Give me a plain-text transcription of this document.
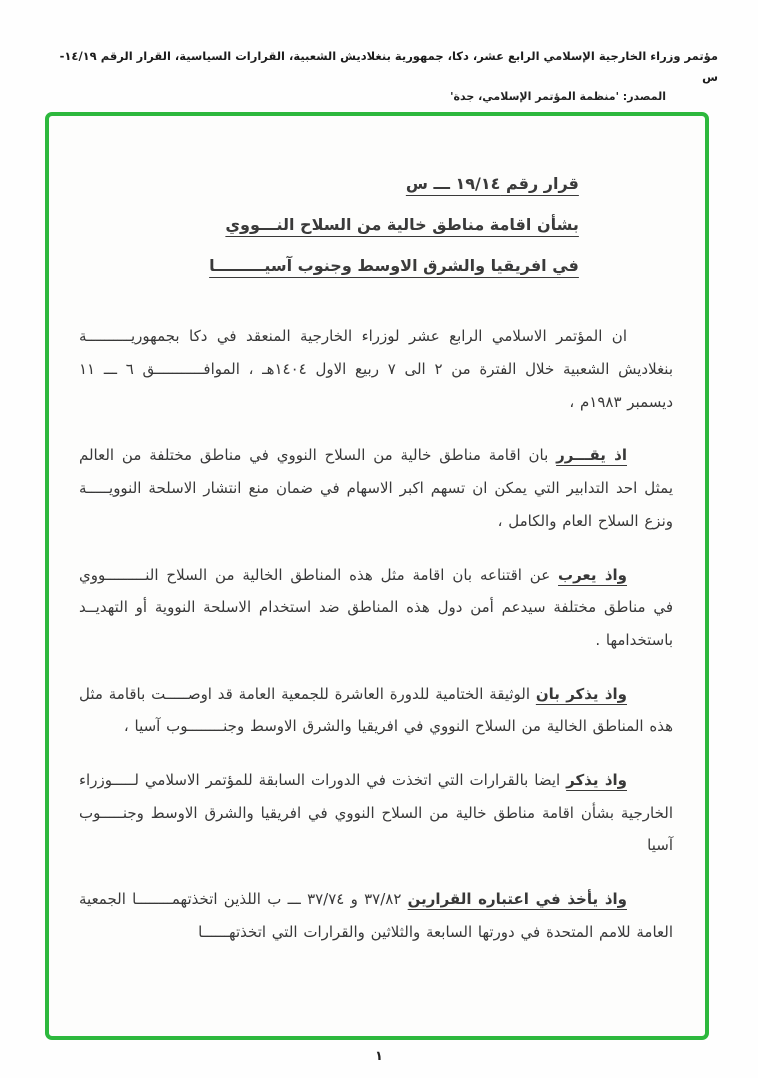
مؤتمر وزراء الخارجية الإسلامي الرابع عشر، دكا، جمهورية بنغلاديش الشعبية، القرارات السياسية، القرار الرقم ١٤/١٩- س
المصدر: 'منظمة المؤتمر الإسلامي، جدة'
قرار رقم ١٩/١٤ ـــ س
بشأن اقامة مناطق خالية من السلاح النـــووي
في افريقيا والشرق الاوسط وجنوب آسيـــــــــا

ان المؤتمر الاسلامي الرابع عشر لوزراء الخارجية المنعقد في دكا بجمهوريــــــــــة بنغلاديش الشعبية خلال الفترة من ٢ الى ٧ ربيع الاول ١٤٠٤هـ ، الموافـــــــــــق ٦ ـــ ١١ ديسمبر ١٩٨٣م ،

اذ يقـــرر بان اقامة مناطق خالية من السلاح النووي في مناطق مختلفة من العالم يمثل احد التدابير التي يمكن ان تسهم اكبر الاسهام في ضمان منع انتشار الاسلحة النوويـــــة ونزع السلاح العام والكامل ،

واذ يعرب عن اقتناعه بان اقامة مثل هذه المناطق الخالية من السلاح النـــــــــووي في مناطق مختلفة سيدعم أمن دول هذه المناطق ضد استخدام الاسلحة النووية أو التهديــد باستخدامها .

واذ يذكر بان الوثيقة الختامية للدورة العاشرة للجمعية العامة قد اوصـــــت باقامة مثل هذه المناطق الخالية من السلاح النووي في افريقيا والشرق الاوسط وجنــــــــوب آسيا ،

واذ يذكر ايضا بالقرارات التي اتخذت في الدورات السابقة للمؤتمر الاسلامي لـــــوزراء الخارجية بشأن اقامة مناطق خالية من السلاح النووي في افريقيا والشرق الاوسط وجنـــــوب آسيا

واذ يأخذ في اعتباره القرارين ٣٧/٨٢ و ٣٧/٧٤ ـــ ب اللذين اتخذتهمــــــــا الجمعية العامة للامم المتحدة في دورتها السابعة والثلاثين والقرارات التي اتخذتهــــــا

١
